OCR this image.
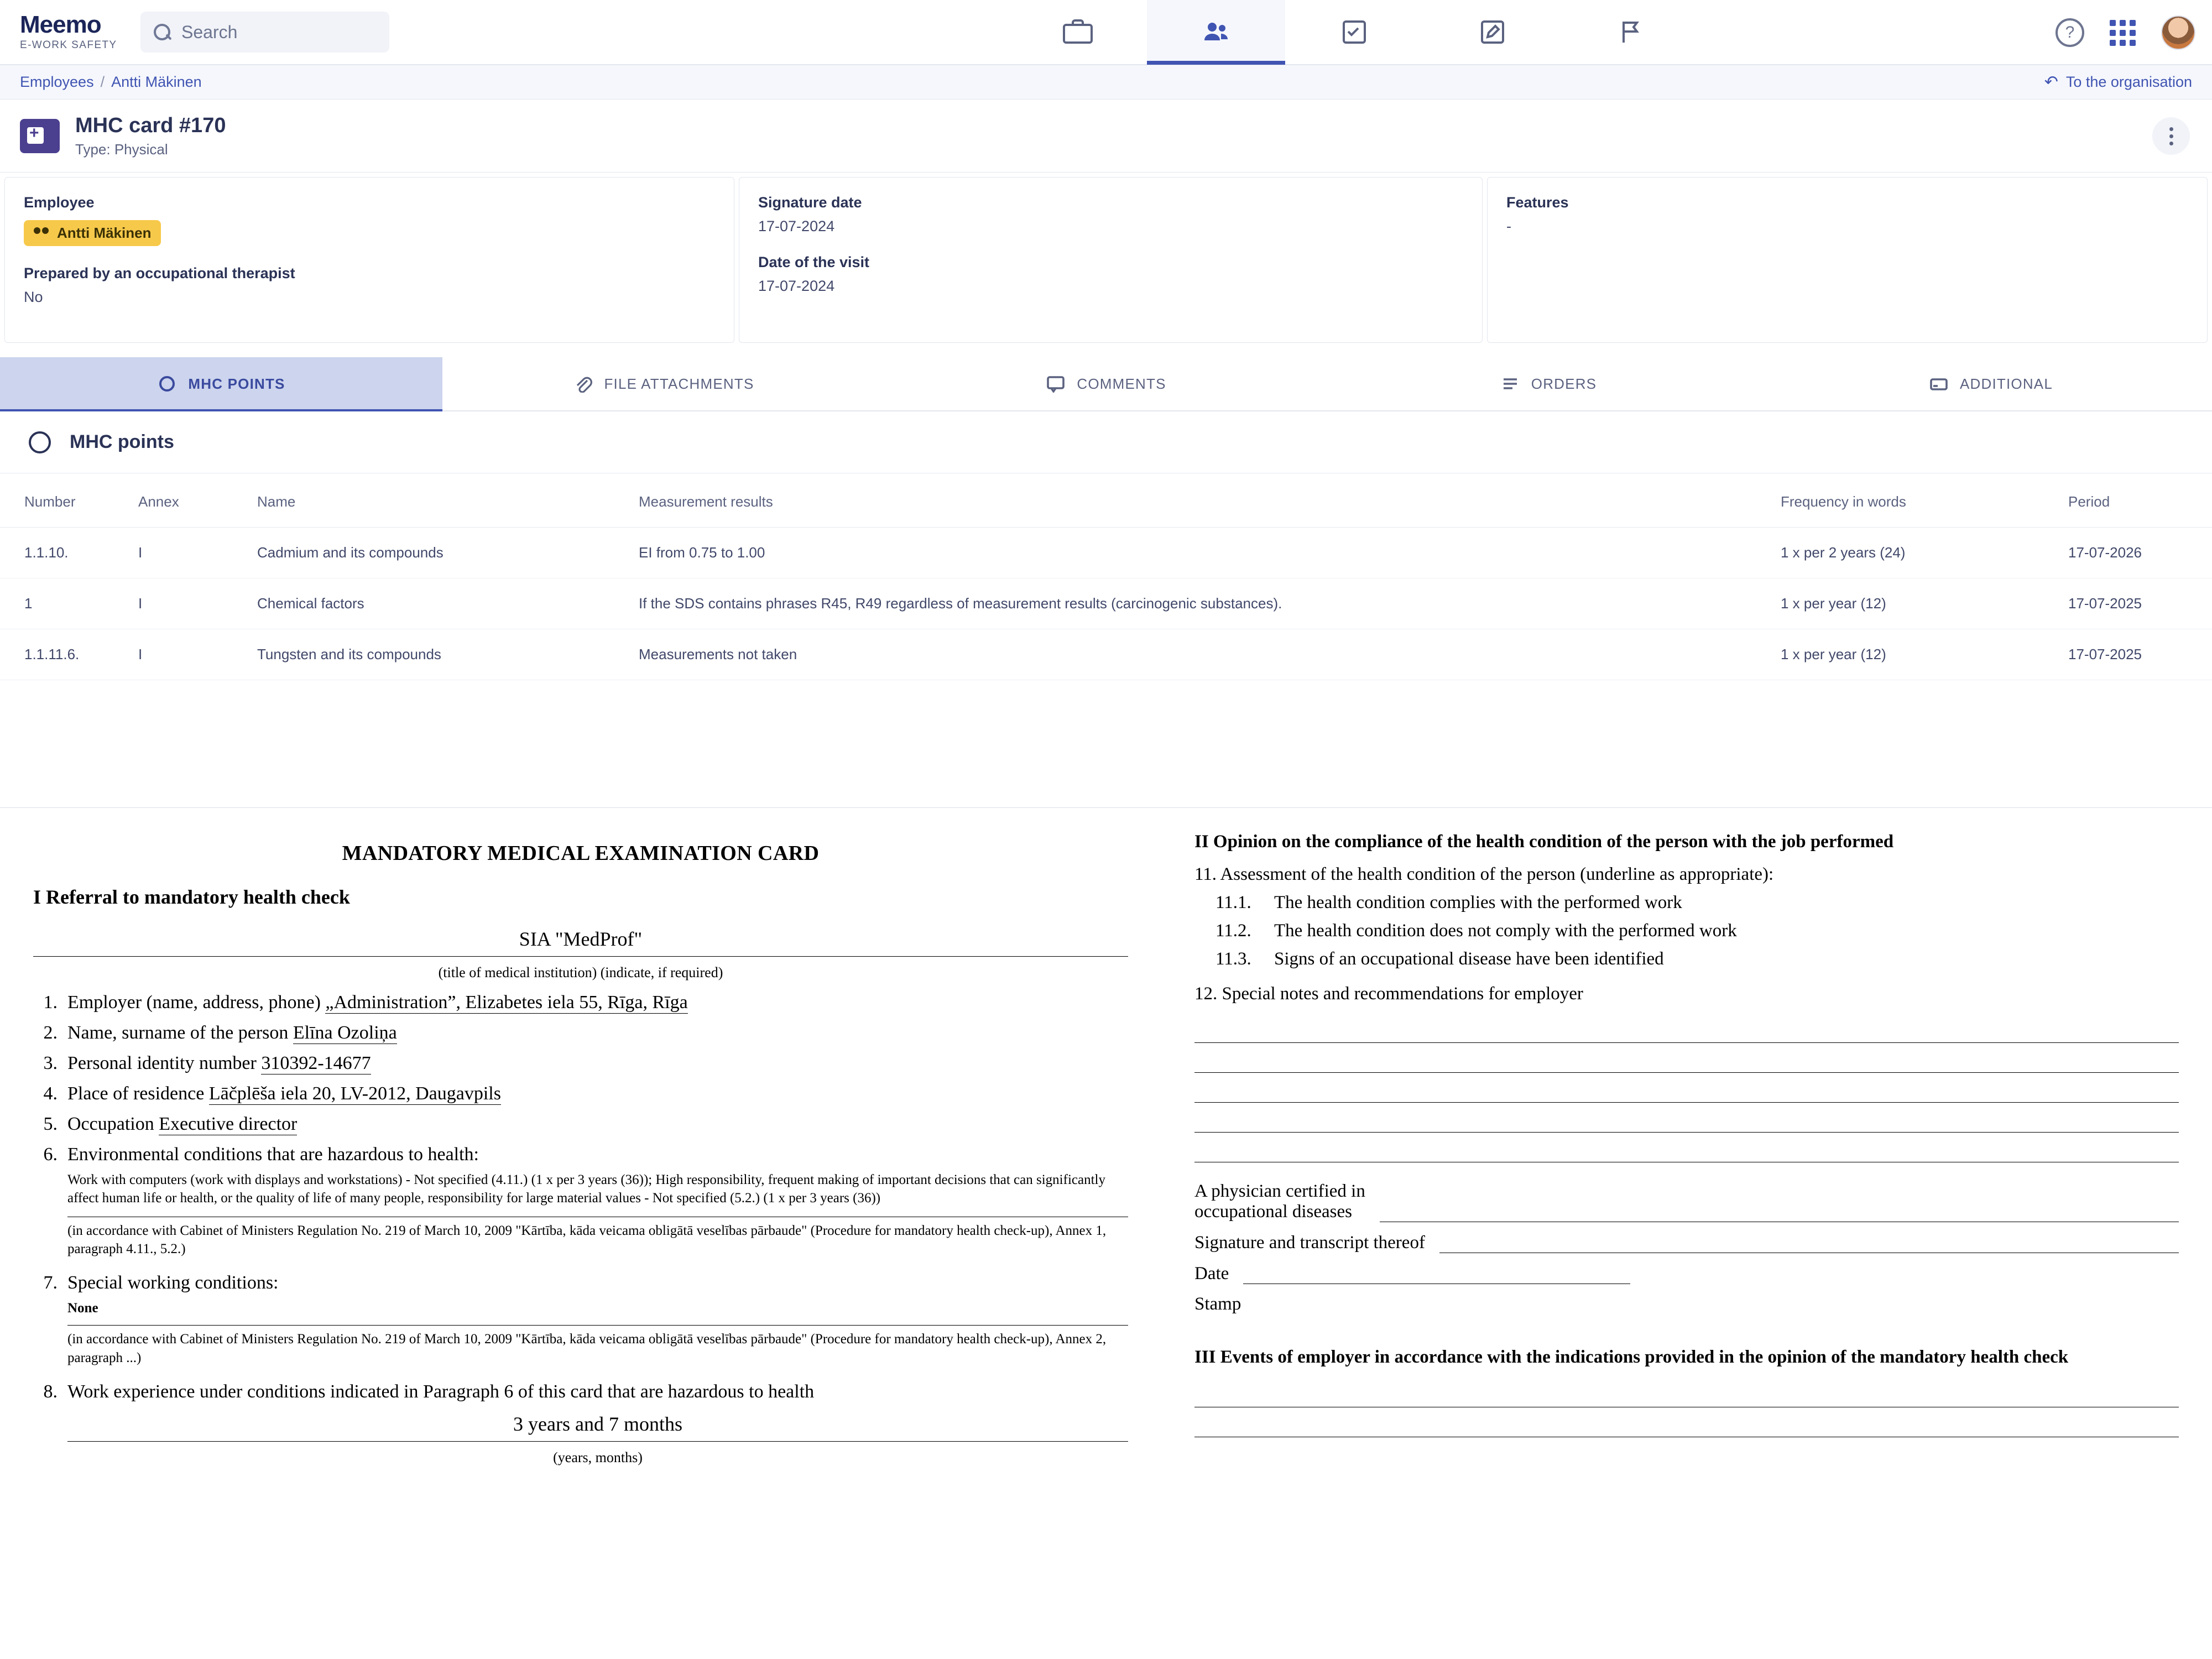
Meemo
E-WORK SAFETY
Search	?
Employees / Antti Mäkinen	↶ To the organisation
+
MHC card #170
Type: Physical
Employee
Antti Mäkinen
Prepared by an occupational therapist
No
Signature date
17-07-2024
Date of the visit
17-07-2024
Features
-
MHC POINTS	FILE ATTACHMENTS	COMMENTS	ORDERS	ADDITIONAL
MHC points
Number	Annex	Name	Measurement results	Frequency in words	Period
1.1.10.	I	Cadmium and its compounds	EI from 0.75 to 1.00	1 x per 2 years (24)	17-07-2026
1	I	Chemical factors	If the SDS contains phrases R45, R49 regardless of measurement results (carcinogenic substances).	1 x per year (12)	17-07-2025
1.1.11.6.	I	Tungsten and its compounds	Measurements not taken	1 x per year (12)	17-07-2025
MANDATORY MEDICAL EXAMINATION CARD
I Referral to mandatory health check
SIA "MedProf"
(title of medical institution) (indicate, if required)
1. Employer (name, address, phone) „Administration”, Elizabetes iela 55, Rīga, Rīga
2. Name, surname of the person Elīna Ozoliņa
3. Personal identity number 310392-14677
4. Place of residence Lāčplēša iela 20, LV-2012, Daugavpils
5. Occupation Executive director
6. Environmental conditions that are hazardous to health:
Work with computers (work with displays and workstations) - Not specified (4.11.) (1 x per 3 years (36)); High responsibility, frequent making of important decisions that can significantly affect human life or health, or the quality of life of many people, responsibility for large material values - Not specified (5.2.) (1 x per 3 years (36))
(in accordance with Cabinet of Ministers Regulation No. 219 of March 10, 2009 "Kārtība, kāda veicama obligātā veselības pārbaude" (Procedure for mandatory health check-up), Annex 1, paragraph 4.11., 5.2.)
7. Special working conditions:
None
(in accordance with Cabinet of Ministers Regulation No. 219 of March 10, 2009 "Kārtība, kāda veicama obligātā veselības pārbaude" (Procedure for mandatory health check-up), Annex 2, paragraph ...)
8. Work experience under conditions indicated in Paragraph 6 of this card that are hazardous to health
3 years and 7 months
(years, months)
II Opinion on the compliance of the health condition of the person with the job performed
11. Assessment of the health condition of the person (underline as appropriate):
11.1.	The health condition complies with the performed work
11.2.	The health condition does not comply with the performed work
11.3.	Signs of an occupational disease have been identified
12. Special notes and recommendations for employer
A physician certified in
occupational diseases
Signature and transcript thereof
Date
Stamp
III Events of employer in accordance with the indications provided in the opinion of the mandatory health check
